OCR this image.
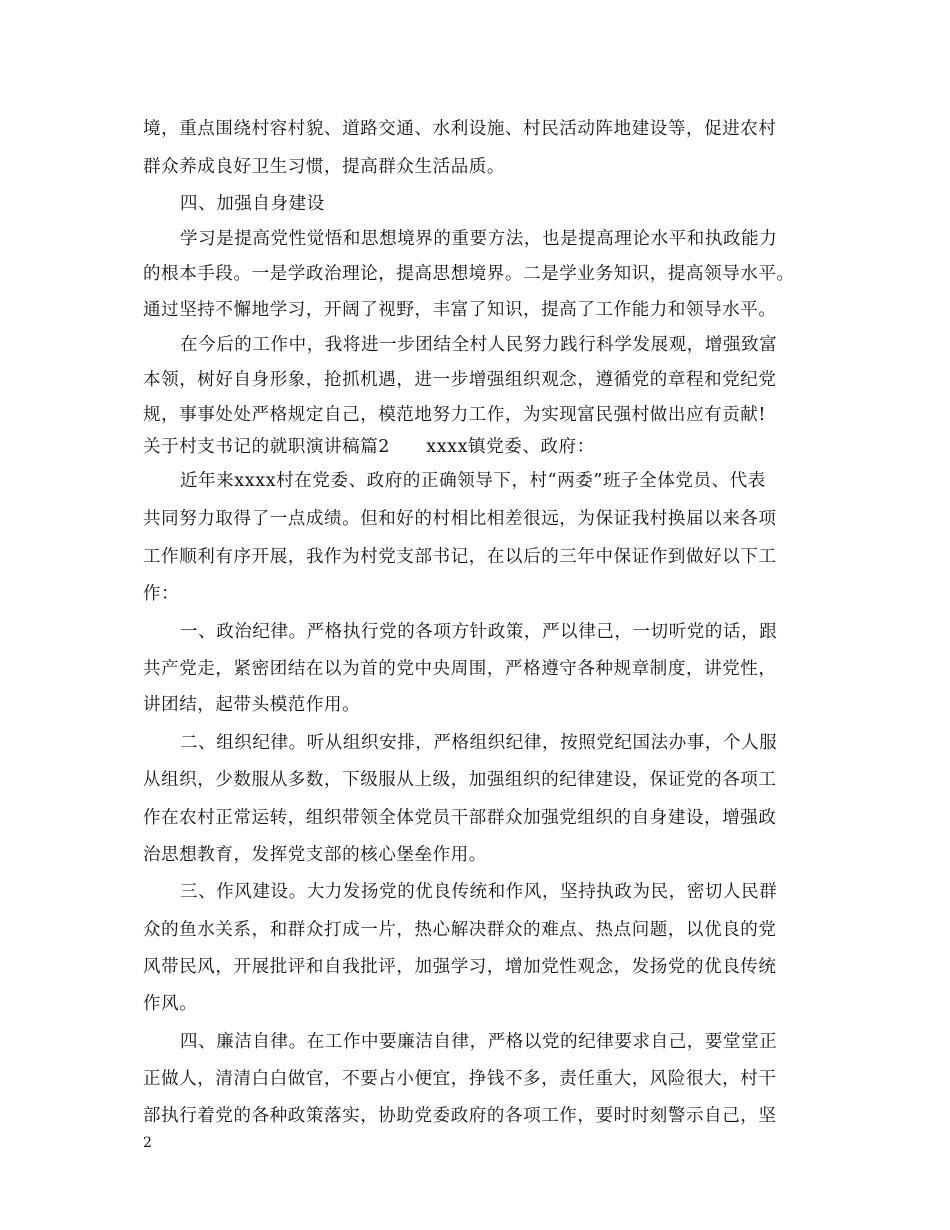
境，重点围绕村容村貌、道路交通、水利设施、村民活动阵地建设等，促进农村
群众养成良好卫生习惯，提高群众生活品质。
四、加强自身建设
学习是提高党性觉悟和思想境界的重要方法，也是提高理论水平和执政能力
的根本手段。一是学政治理论，提高思想境界。二是学业务知识，提高领导水平。
通过坚持不懈地学习，开阔了视野，丰富了知识，提高了工作能力和领导水平。
在今后的工作中，我将进一步团结全村人民努力践行科学发展观，增强致富
本领，树好自身形象，抢抓机遇，进一步增强组织观念，遵循党的章程和党纪党
规，事事处处严格规定自己，模范地努力工作，为实现富民强村做出应有贡献!
关于村支书记的就职演讲稿篇2　　xxxx镇党委、政府：
近年来xxxx村在党委、政府的正确领导下，村“两委”班子全体党员、代表
共同努力取得了一点成绩。但和好的村相比相差很远，为保证我村换届以来各项
工作顺利有序开展，我作为村党支部书记，在以后的三年中保证作到做好以下工
作：
一、政治纪律。严格执行党的各项方针政策，严以律己，一切听党的话，跟
共产党走，紧密团结在以为首的党中央周围，严格遵守各种规章制度，讲党性，
讲团结，起带头模范作用。
二、组织纪律。听从组织安排，严格组织纪律，按照党纪国法办事，个人服
从组织，少数服从多数，下级服从上级，加强组织的纪律建设，保证党的各项工
作在农村正常运转，组织带领全体党员干部群众加强党组织的自身建设，增强政
治思想教育，发挥党支部的核心堡垒作用。
三、作风建设。大力发扬党的优良传统和作风，坚持执政为民，密切人民群
众的鱼水关系，和群众打成一片，热心解决群众的难点、热点问题，以优良的党
风带民风，开展批评和自我批评，加强学习，增加党性观念，发扬党的优良传统
作风。
四、廉洁自律。在工作中要廉洁自律，严格以党的纪律要求自己，要堂堂正
正做人，清清白白做官，不要占小便宜，挣钱不多，责任重大，风险很大，村干
部执行着党的各种政策落实，协助党委政府的各项工作，要时时刻警示自己，坚
2
